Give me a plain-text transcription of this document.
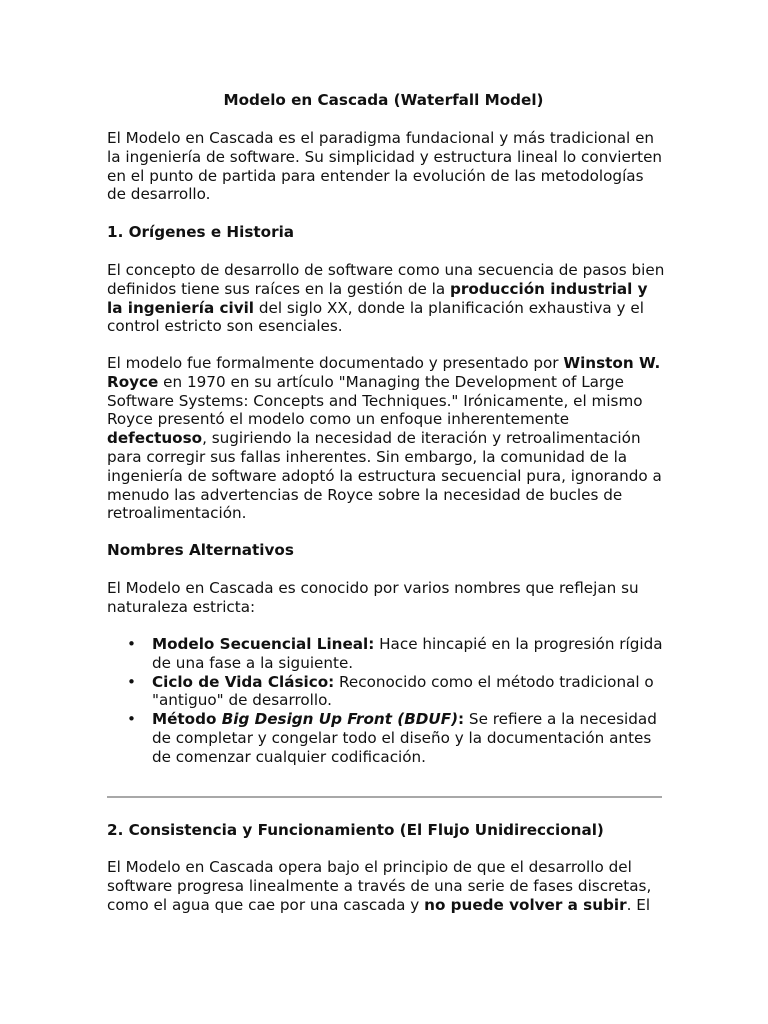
Modelo en Cascada (Waterfall Model)

El Modelo en Cascada es el paradigma fundacional y más tradicional en la ingeniería de software. Su simplicidad y estructura lineal lo convierten en el punto de partida para entender la evolución de las metodologías de desarrollo.

1. Orígenes e Historia

El concepto de desarrollo de software como una secuencia de pasos bien definidos tiene sus raíces en la gestión de la producción industrial y la ingeniería civil del siglo XX, donde la planificación exhaustiva y el control estricto son esenciales.

El modelo fue formalmente documentado y presentado por Winston W. Royce en 1970 en su artículo "Managing the Development of Large Software Systems: Concepts and Techniques." Irónicamente, el mismo Royce presentó el modelo como un enfoque inherentemente defectuoso, sugiriendo la necesidad de iteración y retroalimentación para corregir sus fallas inherentes. Sin embargo, la comunidad de la ingeniería de software adoptó la estructura secuencial pura, ignorando a menudo las advertencias de Royce sobre la necesidad de bucles de retroalimentación.

Nombres Alternativos

El Modelo en Cascada es conocido por varios nombres que reflejan su naturaleza estricta:

• Modelo Secuencial Lineal: Hace hincapié en la progresión rígida de una fase a la siguiente.
• Ciclo de Vida Clásico: Reconocido como el método tradicional o "antiguo" de desarrollo.
• Método Big Design Up Front (BDUF): Se refiere a la necesidad de completar y congelar todo el diseño y la documentación antes de comenzar cualquier codificación.
2. Consistencia y Funcionamiento (El Flujo Unidireccional)

El Modelo en Cascada opera bajo el principio de que el desarrollo del software progresa linealmente a través de una serie de fases discretas, como el agua que cae por una cascada y no puede volver a subir. El
